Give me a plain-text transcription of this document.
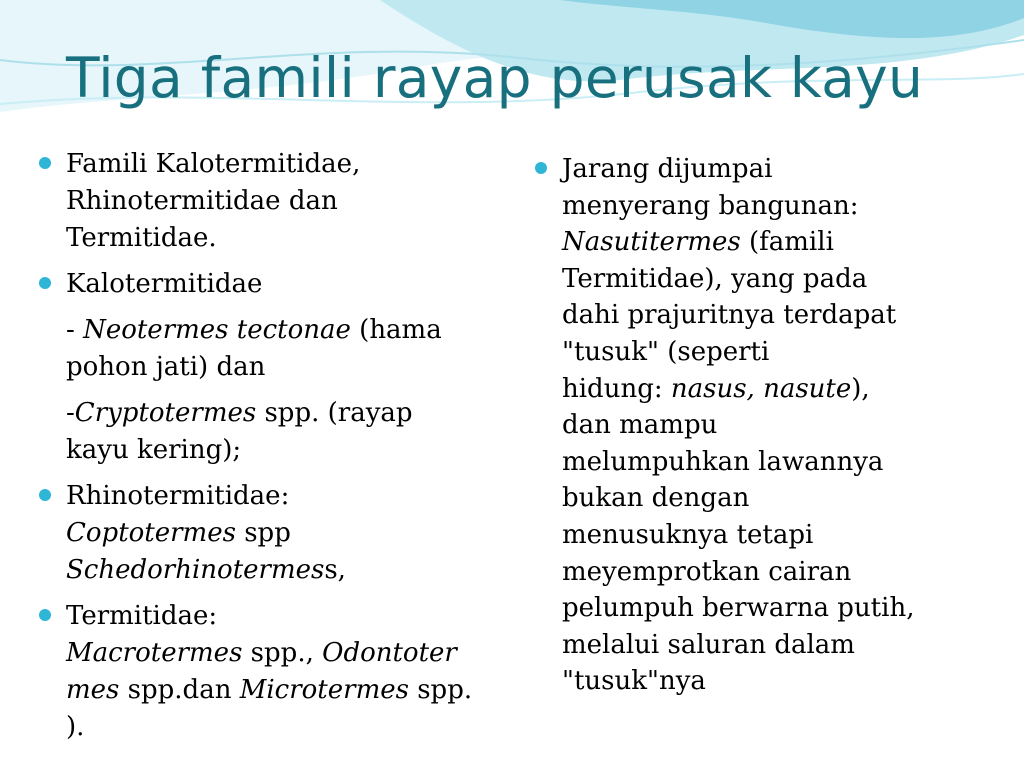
Tiga famili rayap perusak kayu
Famili Kalotermitidae,
Rhinotermitidae dan
Termitidae.
Kalotermitidae
- Neotermes tectonae (hama
pohon jati) dan
-Cryptotermes spp. (rayap
kayu kering);
Rhinotermitidae:
Coptotermes spp
Schedorhinotermess,
Termitidae:
Macrotermes spp., Odontoter
mes spp.dan Microtermes spp.
).
Jarang dijumpai
menyerang bangunan:
Nasutitermes (famili
Termitidae), yang pada
dahi prajuritnya terdapat
"tusuk" (seperti
hidung: nasus, nasute),
dan mampu
melumpuhkan lawannya
bukan dengan
menusuknya tetapi
meyemprotkan cairan
pelumpuh berwarna putih,
melalui saluran dalam
"tusuk"nya
